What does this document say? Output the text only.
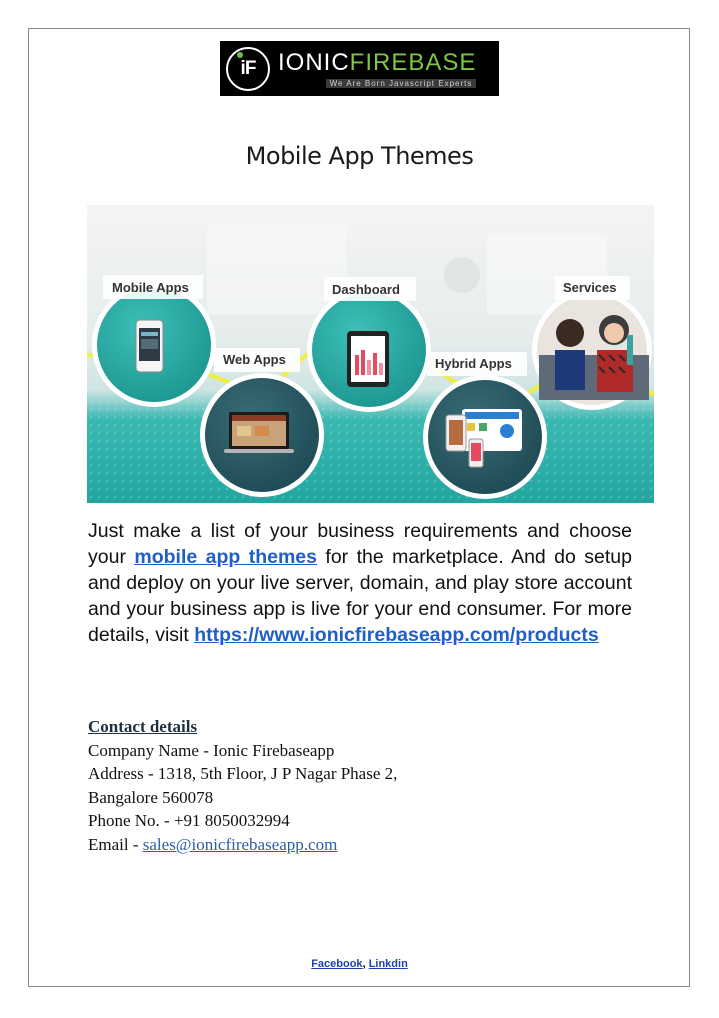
iF IONICFIREBASE
We Are Born Javascript Experts
Mobile App Themes
Mobile Apps	Dashboard	Services
Web Apps	Hybrid Apps
Just make a list of your business requirements and choose your mobile app themes for the marketplace. And do setup and deploy on your live server, domain, and play store account and your business app is live for your end consumer. For more details, visit https://www.ionicfirebaseapp.com/products
Contact details
Company Name - Ionic Firebaseapp
Address - 1318, 5th Floor, J P Nagar Phase 2,
Bangalore 560078
Phone No. - +91 8050032994
Email - sales@ionicfirebaseapp.com
Facebook, Linkdin
